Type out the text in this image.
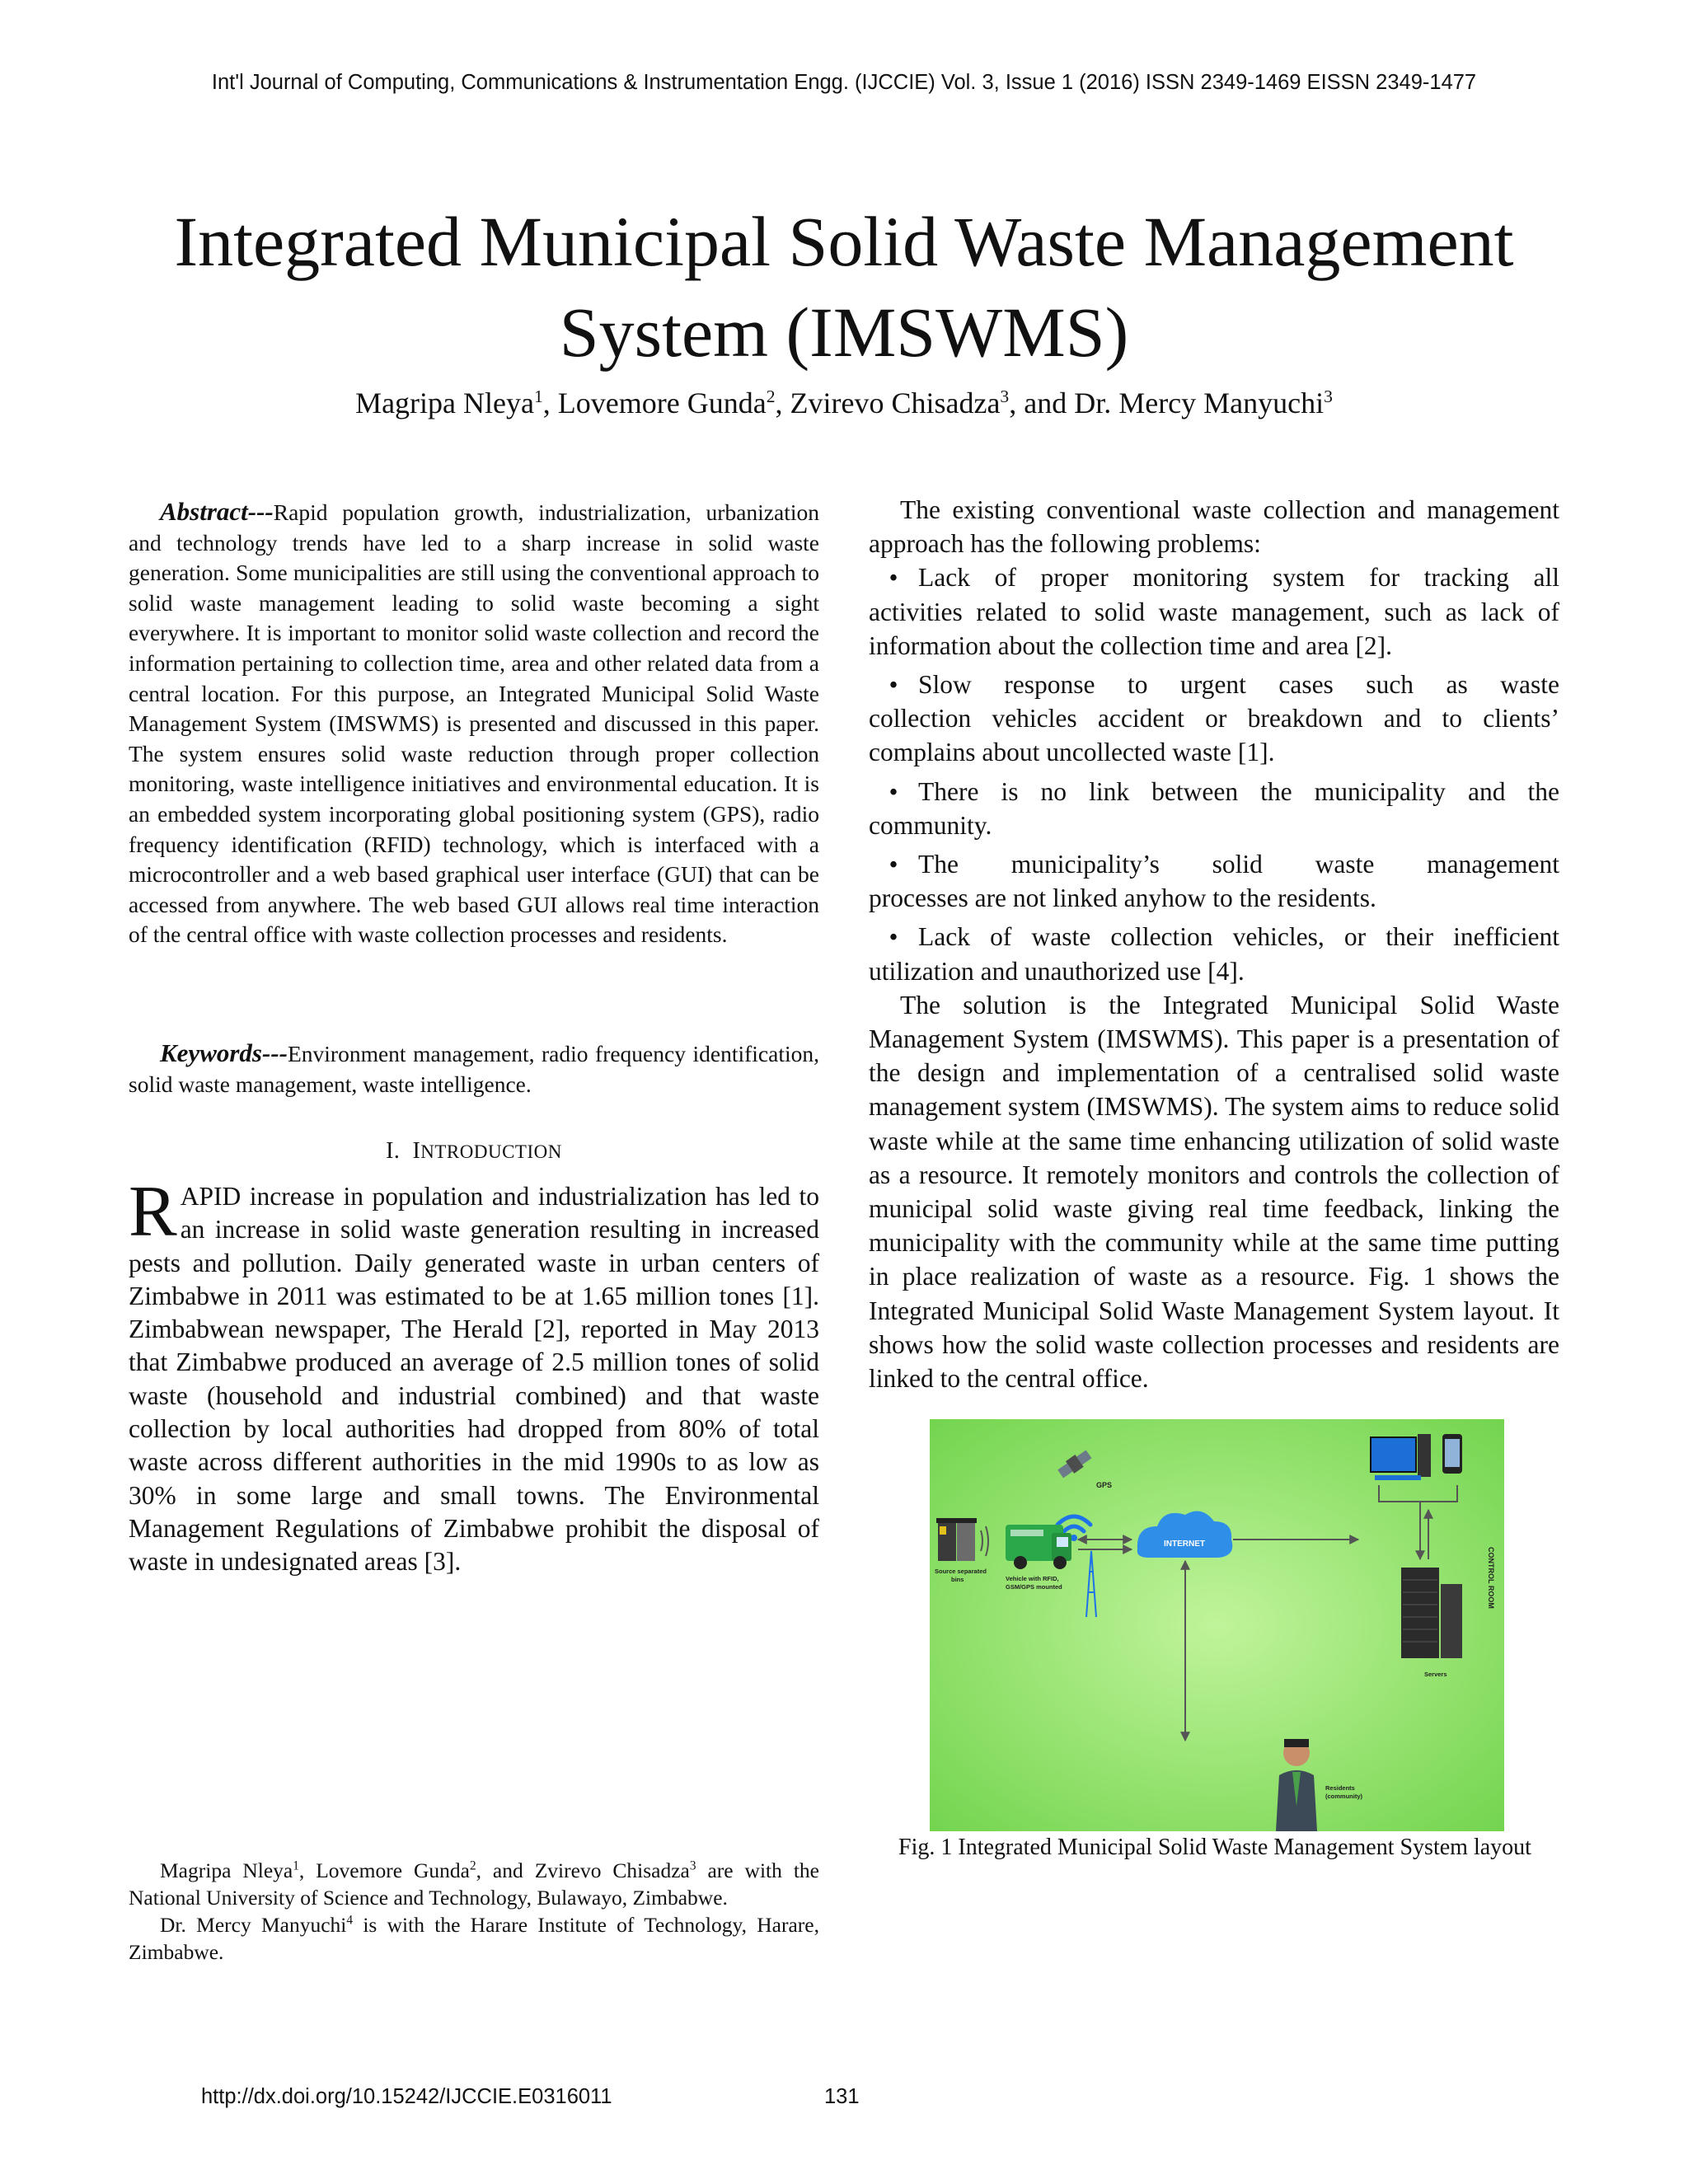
Int'l Journal of Computing, Communications & Instrumentation Engg. (IJCCIE) Vol. 3, Issue 1 (2016) ISSN 2349-1469 EISSN 2349-1477
Integrated Municipal Solid Waste Management
System (IMSWMS)
Magripa Nleya$^1$, Lovemore Gunda$^2$, Zvirevo Chisadza$^3$, and Dr. Mercy Manyuchi$^3$
Abstract---Rapid population growth, industrialization, urbanization and technology trends have led to a sharp increase in solid waste generation. Some municipalities are still using the conventional approach to solid waste management leading to solid waste becoming a sight everywhere. It is important to monitor solid waste collection and record the information pertaining to collection time, area and other related data from a central location. For this purpose, an Integrated Municipal Solid Waste Management System (IMSWMS) is presented and discussed in this paper. The system ensures solid waste reduction through proper collection monitoring, waste intelligence initiatives and environmental education. It is an embedded system incorporating global positioning system (GPS), radio frequency identification (RFID) technology, which is interfaced with a microcontroller and a web based graphical user interface (GUI) that can be accessed from anywhere. The web based GUI allows real time interaction of the central office with waste collection processes and residents.
Keywords---Environment management, radio frequency identification, solid waste management, waste intelligence.
I. INTRODUCTION
RAPID increase in population and industrialization has led to an increase in solid waste generation resulting in increased pests and pollution. Daily generated waste in urban centers of Zimbabwe in 2011 was estimated to be at 1.65 million tones [1]. Zimbabwean newspaper, The Herald [2], reported in May 2013 that Zimbabwe produced an average of 2.5 million tones of solid waste (household and industrial combined) and that waste collection by local authorities had dropped from 80% of total waste across different authorities in the mid 1990s to as low as 30% in some large and small towns. The Environmental Management Regulations of Zimbabwe prohibit the disposal of waste in undesignated areas [3].

Magripa Nleya$^1$, Lovemore Gunda$^2$, and Zvirevo Chisadza$^3$ are with the National University of Science and Technology, Bulawayo, Zimbabwe.

Dr. Mercy Manyuchi$^4$ is with the Harare Institute of Technology, Harare, Zimbabwe.

The existing conventional waste collection and management approach has the following problems:

• Lack of proper monitoring system for tracking all
activities related to solid waste management, such as lack of information about the collection time and area [2].
• Slow response to urgent cases such as waste
collection vehicles accident or breakdown and to clients’ complains about uncollected waste [1].
• There is no link between the municipality and the
community.
• The municipality’s solid waste management
processes are not linked anyhow to the residents.
• Lack of waste collection vehicles, or their inefficient
utilization and unauthorized use [4].

The solution is the Integrated Municipal Solid Waste Management System (IMSWMS). This paper is a presentation of the design and implementation of a centralised solid waste management system (IMSWMS). The system aims to reduce solid waste while at the same time enhancing utilization of solid waste as a resource. It remotely monitors and controls the collection of municipal solid waste giving real time feedback, linking the municipality with the community while at the same time putting in place realization of waste as a resource. Fig. 1 shows the Integrated Municipal Solid Waste Management System layout. It shows how the solid waste collection processes and residents are linked to the central office.

GPS
Source separated
bins	Vehicle with RFID,
GSM/GPS mounted
INTERNET
Servers
CONTROL ROOM
Residents
(community)
Fig. 1 Integrated Municipal Solid Waste Management System layout
http://dx.doi.org/10.15242/IJCCIE.E0316011	131
